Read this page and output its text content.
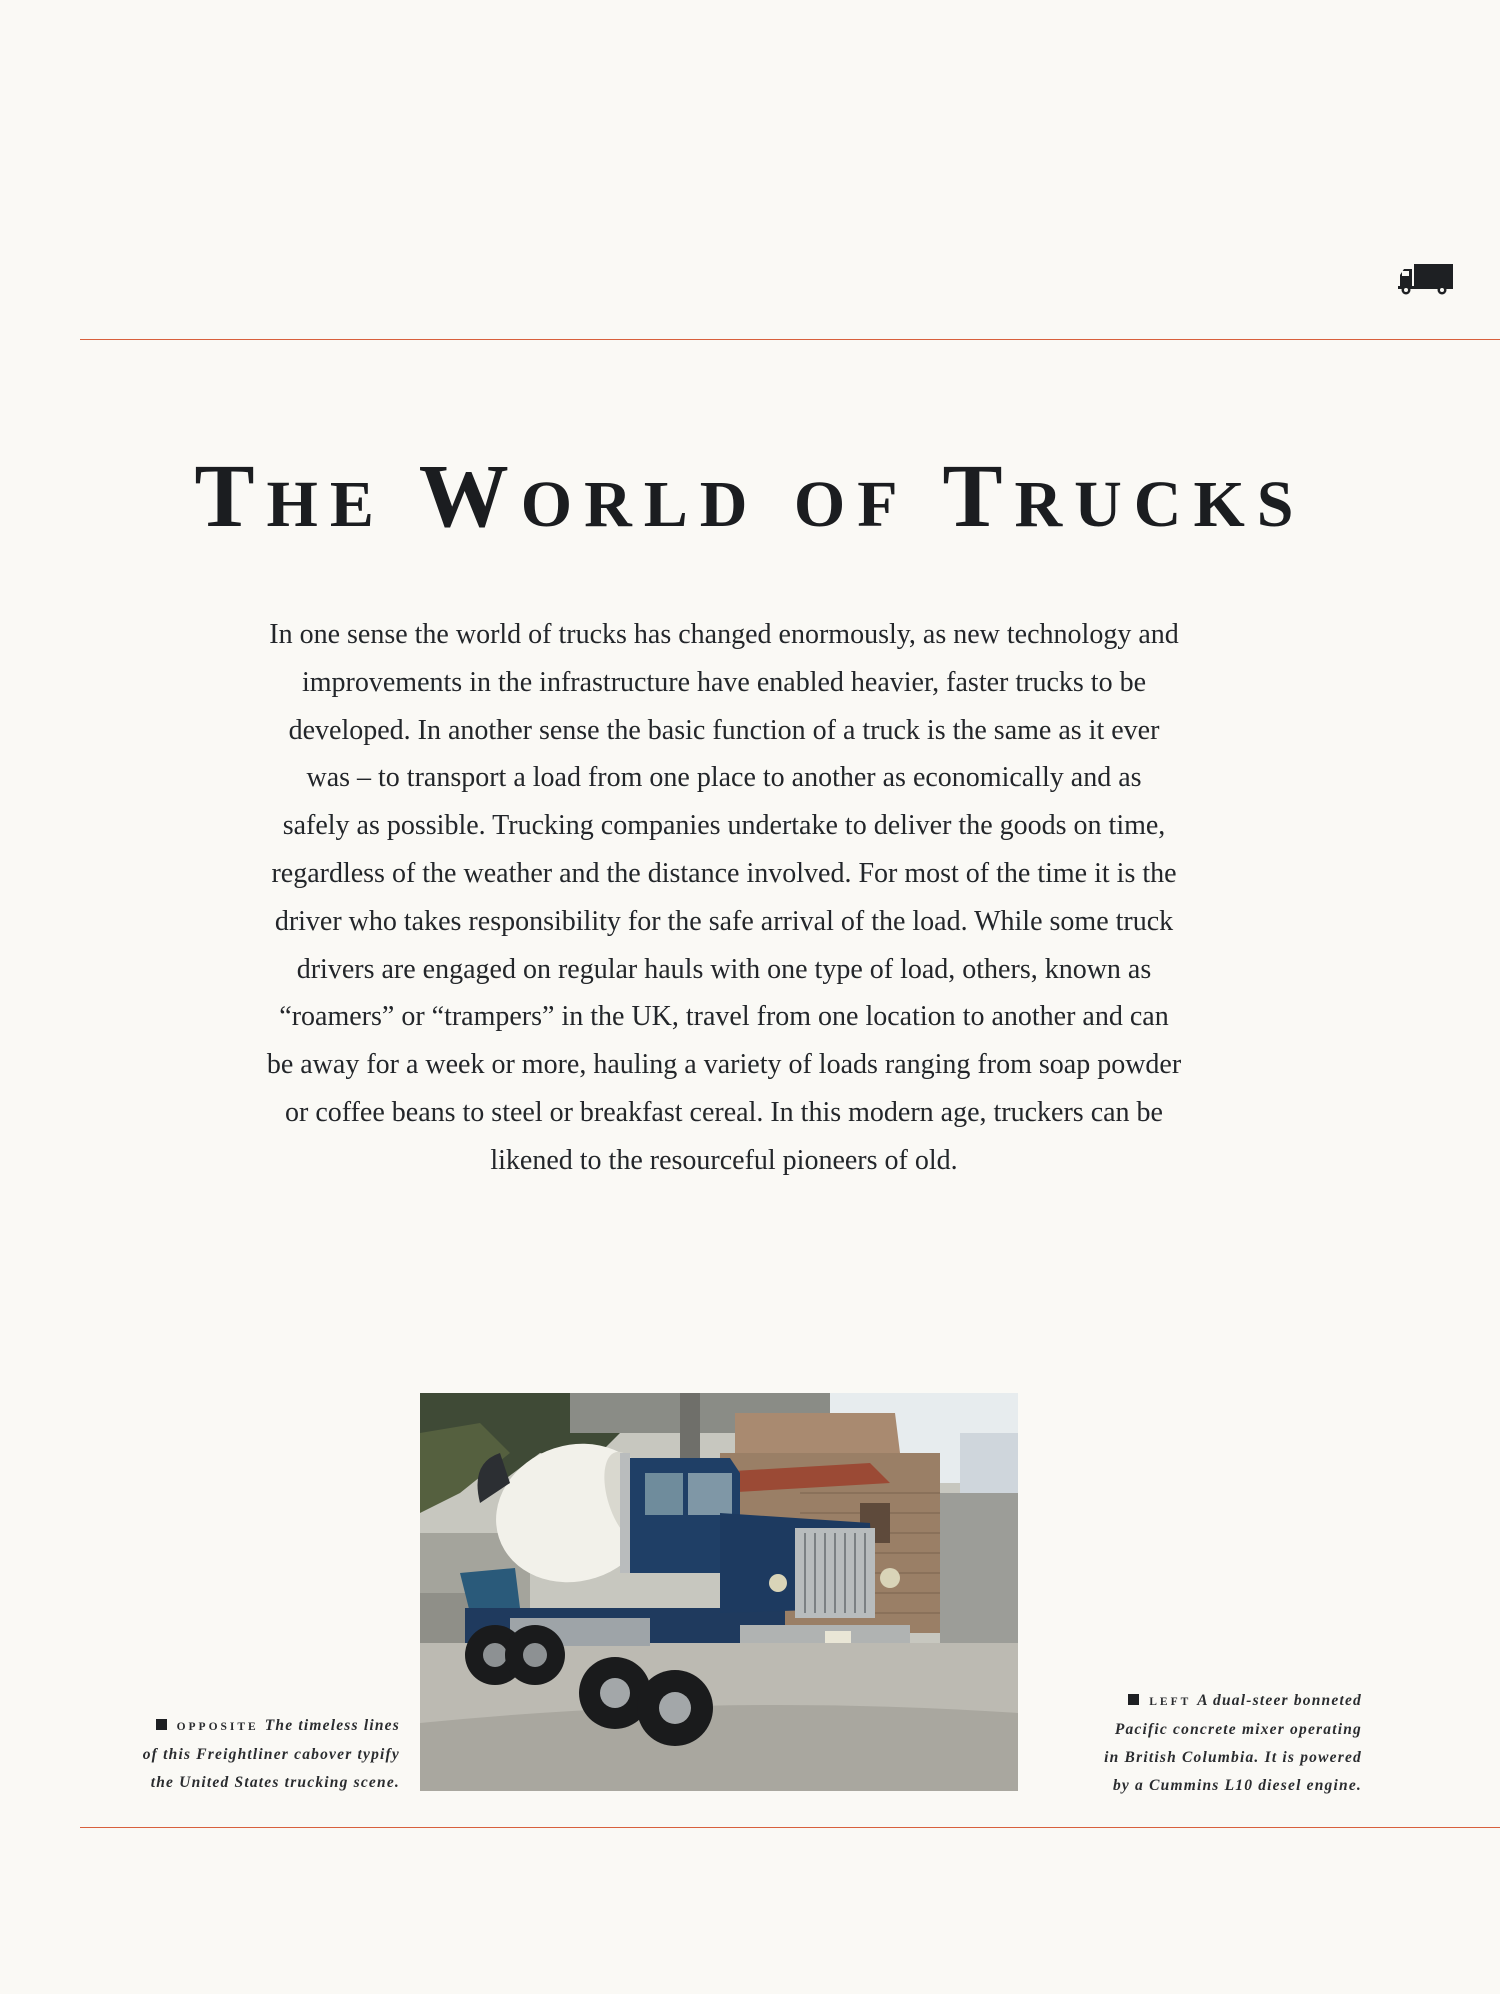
THE WORLD OF TRUCKS

In one sense the world of trucks has changed enormously, as new technology and
improvements in the infrastructure have enabled heavier, faster trucks to be
developed. In another sense the basic function of a truck is the same as it ever
was – to transport a load from one place to another as economically and as
safely as possible. Trucking companies undertake to deliver the goods on time,
regardless of the weather and the distance involved. For most of the time it is the
driver who takes responsibility for the safe arrival of the load. While some truck
drivers are engaged on regular hauls with one type of load, others, known as
“roamers” or “trampers” in the UK, travel from one location to another and can
be away for a week or more, hauling a variety of loads ranging from soap powder
or coffee beans to steel or breakfast cereal. In this modern age, truckers can be
likened to the resourceful pioneers of old.

OPPOSITE The timeless lines
of this Freightliner cabover typify
the United States trucking scene.
LEFT A dual-steer bonneted
Pacific concrete mixer operating
in British Columbia. It is powered
by a Cummins L10 diesel engine.
